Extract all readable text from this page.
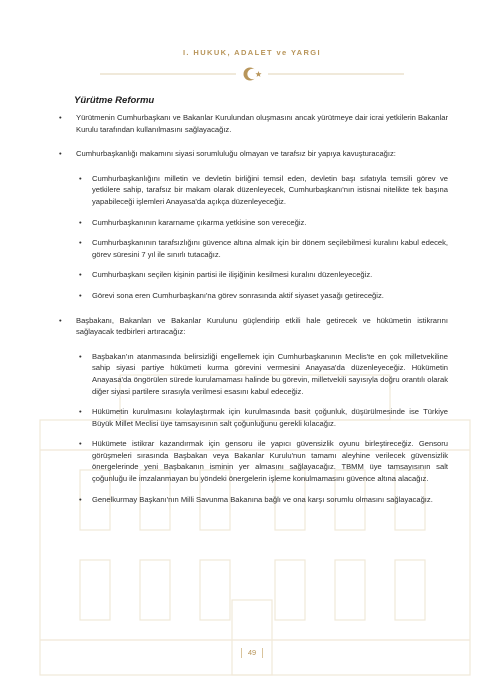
I. HUKUK, ADALET ve YARGI
Yürütme Reformu
• Yürütmenin Cumhurbaşkanı ve Bakanlar Kurulundan oluşmasını ancak yürütmeye dair icrai yetkilerin Bakanlar Kurulu tarafından kullanılmasını sağlayacağız.
• Cumhurbaşkanlığı makamını siyasi sorumluluğu olmayan ve tarafsız bir yapıya kavuşturacağız:
• Cumhurbaşkanlığını milletin ve devletin birliğini temsil eden, devletin başı sıfatıyla temsili görev ve yetkilere sahip, tarafsız bir makam olarak düzenleyecek, Cumhurbaşkanı'nın istisnai nitelikte tek başına yapabileceği işlemleri Anayasa'da açıkça düzenleyeceğiz.
• Cumhurbaşkanının kararname çıkarma yetkisine son vereceğiz.
• Cumhurbaşkanının tarafsızlığını güvence altına almak için bir dönem seçilebilmesi kuralını kabul edecek, görev süresini 7 yıl ile sınırlı tutacağız.
• Cumhurbaşkanı seçilen kişinin partisi ile ilişiğinin kesilmesi kuralını düzenleyeceğiz.
• Görevi sona eren Cumhurbaşkanı'na görev sonrasında aktif siyaset yasağı getireceğiz.
• Başbakanı, Bakanları ve Bakanlar Kurulunu güçlendirip etkili hale getirecek ve hükümetin istikrarını sağlayacak tedbirleri artıracağız:
• Başbakan'ın atanmasında belirsizliği engellemek için Cumhurbaşkanının Meclis'te en çok milletvekiline sahip siyasi partiye hükümeti kurma görevini vermesini Anayasa'da düzenleyeceğiz. Hükümetin Anayasa'da öngörülen sürede kurulamaması halinde bu görevin, milletvekili sayısıyla doğru orantılı olarak diğer siyasi partilere sırasıyla verilmesi esasını kabul edeceğiz.
• Hükümetin kurulmasını kolaylaştırmak için kurulmasında basit çoğunluk, düşürülmesinde ise Türkiye Büyük Millet Meclisi üye tamsayısının salt çoğunluğunu gerekli kılacağız.
• Hükümete istikrar kazandırmak için gensoru ile yapıcı güvensizlik oyunu birleştireceğiz. Gensoru görüşmeleri sırasında Başbakan veya Bakanlar Kurulu'nun tamamı aleyhine verilecek güvensizlik önergelerinde yeni Başbakanın isminin yer almasını sağlayacağız. TBMM üye tamsayısının salt çoğunluğu ile imzalanmayan bu yöndeki önergelerin işleme konulmamasını güvence altına alacağız.
• Genelkurmay Başkanı'nın Milli Savunma Bakanına bağlı ve ona karşı sorumlu olmasını sağlayacağız.
49
